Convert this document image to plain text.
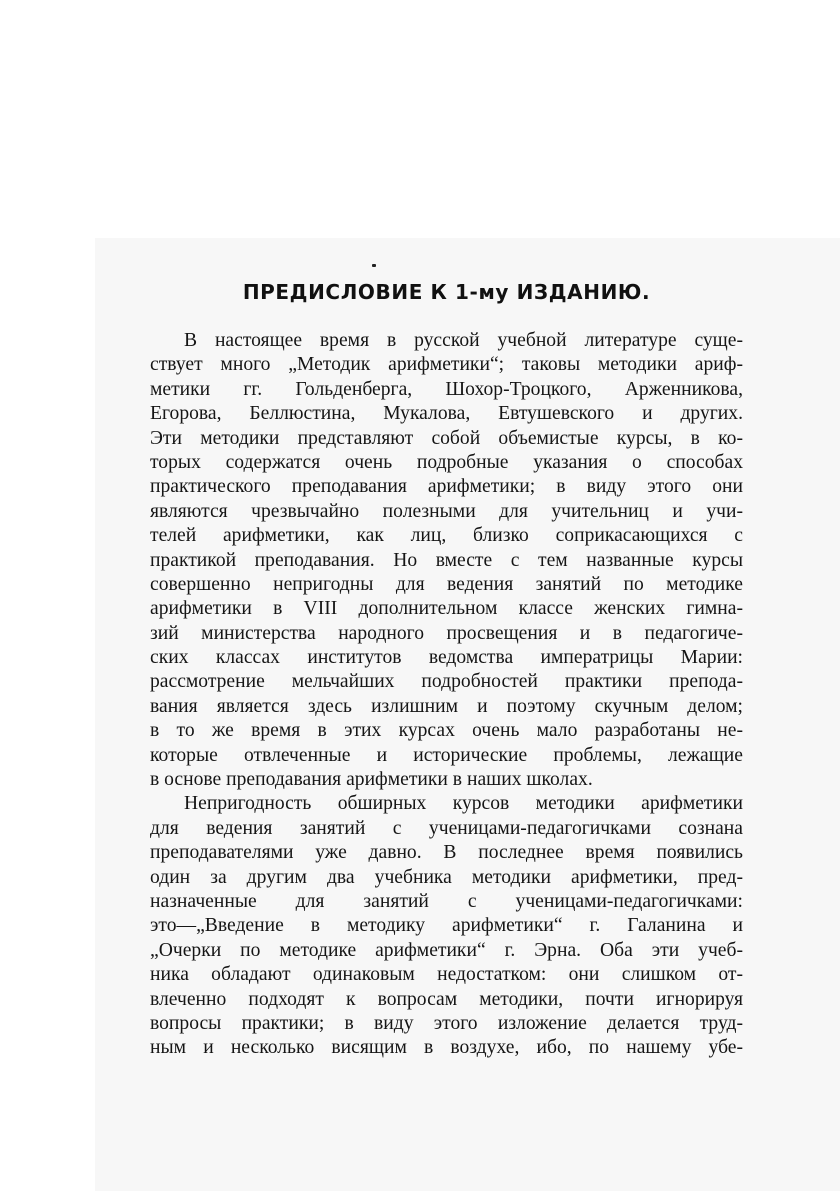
ПРЕДИСЛОВИЕ К 1-му ИЗДАНИЮ.
В настоящее время в русской учебной литературе суще-
ствует много „Методик арифметики“; таковы методики ариф-
метики гг. Гольденберга, Шохор-Троцкого, Арженникова,
Егорова, Беллюстина, Мукалова, Евтушевского и других.
Эти методики представляют собой объемистые курсы, в ко-
торых содержатся очень подробные указания о способах
практического преподавания арифметики; в виду этого они
являются чрезвычайно полезными для учительниц и учи-
телей арифметики, как лиц, близко соприкасающихся с
практикой преподавания. Но вместе с тем названные курсы
совершенно непригодны для ведения занятий по методике
арифметики в VIII дополнительном классе женских гимна-
зий министерства народного просвещения и в педагогиче-
ских классах институтов ведомства императрицы Марии:
рассмотрение мельчайших подробностей практики препода-
вания является здесь излишним и поэтому скучным делом;
в то же время в этих курсах очень мало разработаны не-
которые отвлеченные и исторические проблемы, лежащие
в основе преподавания арифметики в наших школах.
Непригодность обширных курсов методики арифметики
для ведения занятий с ученицами-педагогичками сознана
преподавателями уже давно. В последнее время появились
один за другим два учебника методики арифметики, пред-
назначенные для занятий с ученицами-педагогичками:
это—„Введение в методику арифметики“ г. Галанина и
„Очерки по методике арифметики“ г. Эрна. Оба эти учеб-
ника обладают одинаковым недостатком: они слишком от-
влеченно подходят к вопросам методики, почти игнорируя
вопросы практики; в виду этого изложение делается труд-
ным и несколько висящим в воздухе, ибо, по нашему убе-
